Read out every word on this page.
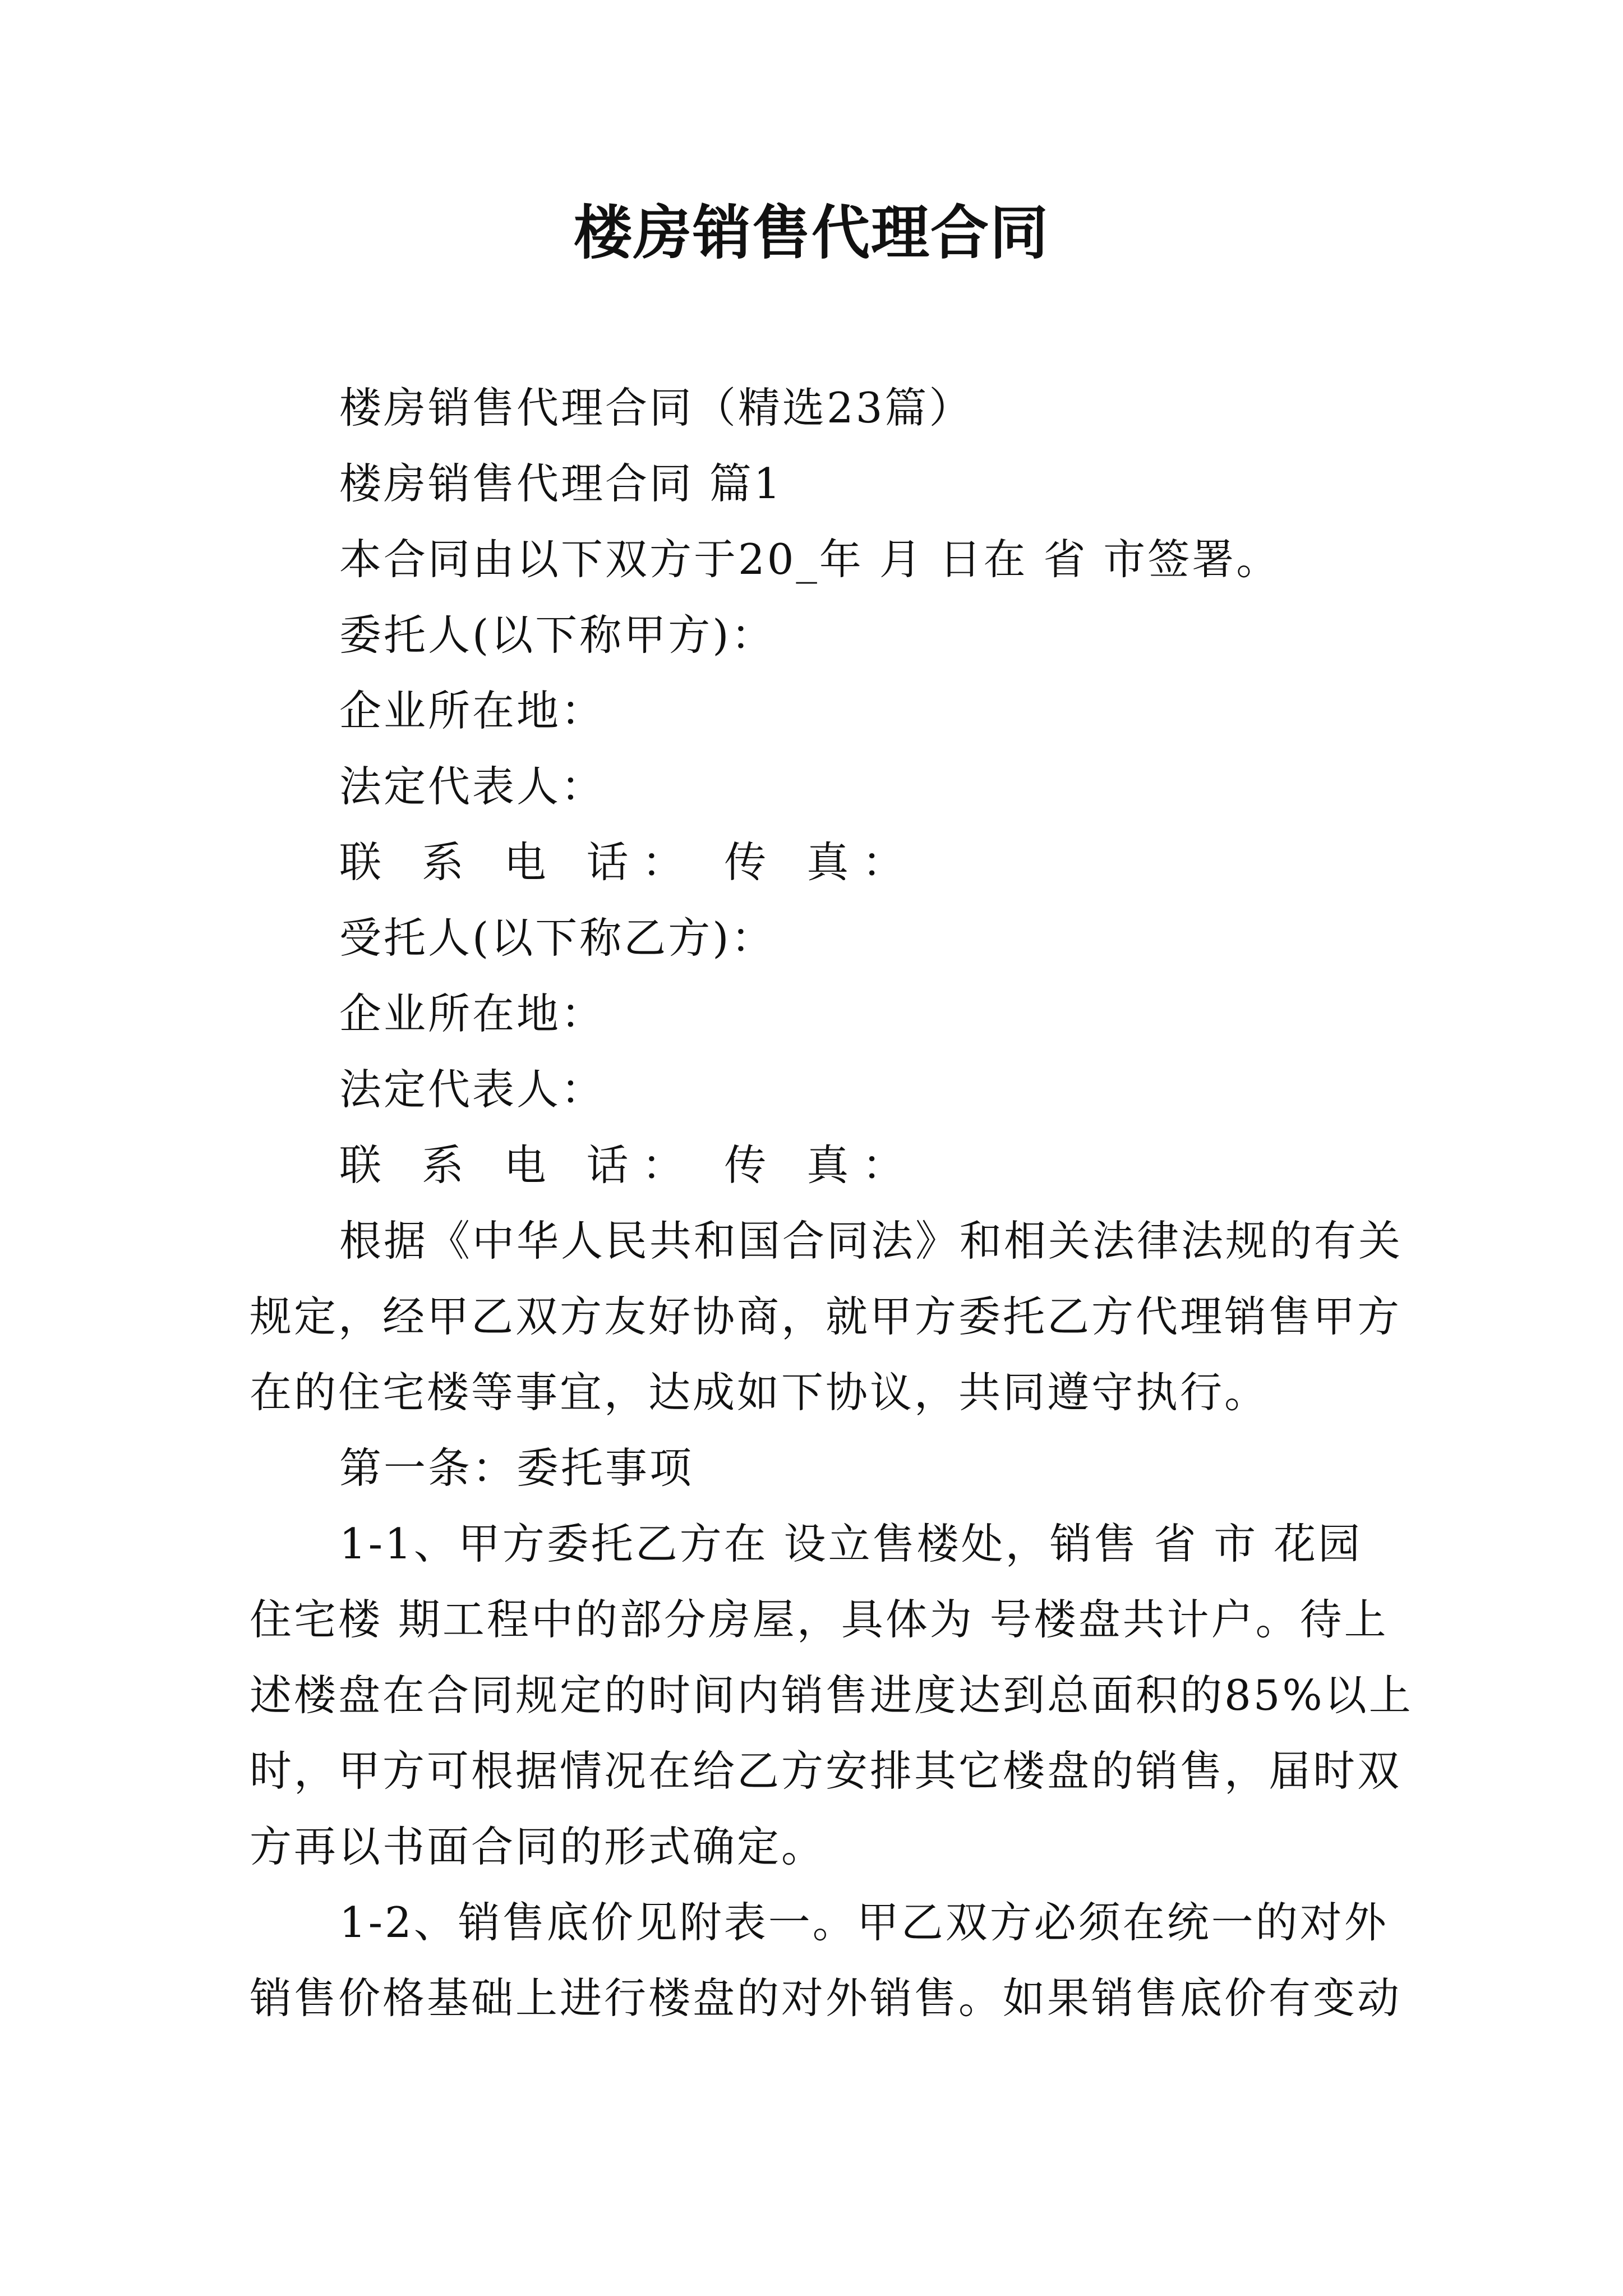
楼房销售代理合同
楼房销售代理合同（精选23篇）
楼房销售代理合同 篇1
本合同由以下双方于20_年 月 日在 省 市签署。
委托人(以下称甲方)：
企业所在地：
法定代表人：
联 系 电 话： 传 真：
受托人(以下称乙方)：
企业所在地：
法定代表人：
联 系 电 话： 传 真：
根据《中华人民共和国合同法》和相关法律法规的有关
规定，经甲乙双方友好协商，就甲方委托乙方代理销售甲方
在的住宅楼等事宜，达成如下协议，共同遵守执行。
第一条：委托事项
1-1、甲方委托乙方在 设立售楼处，销售 省 市 花园
住宅楼 期工程中的部分房屋，具体为 号楼盘共计户。待上
述楼盘在合同规定的时间内销售进度达到总面积的85%以上
时，甲方可根据情况在给乙方安排其它楼盘的销售，届时双
方再以书面合同的形式确定。
1-2、销售底价见附表一。甲乙双方必须在统一的对外
销售价格基础上进行楼盘的对外销售。如果销售底价有变动
